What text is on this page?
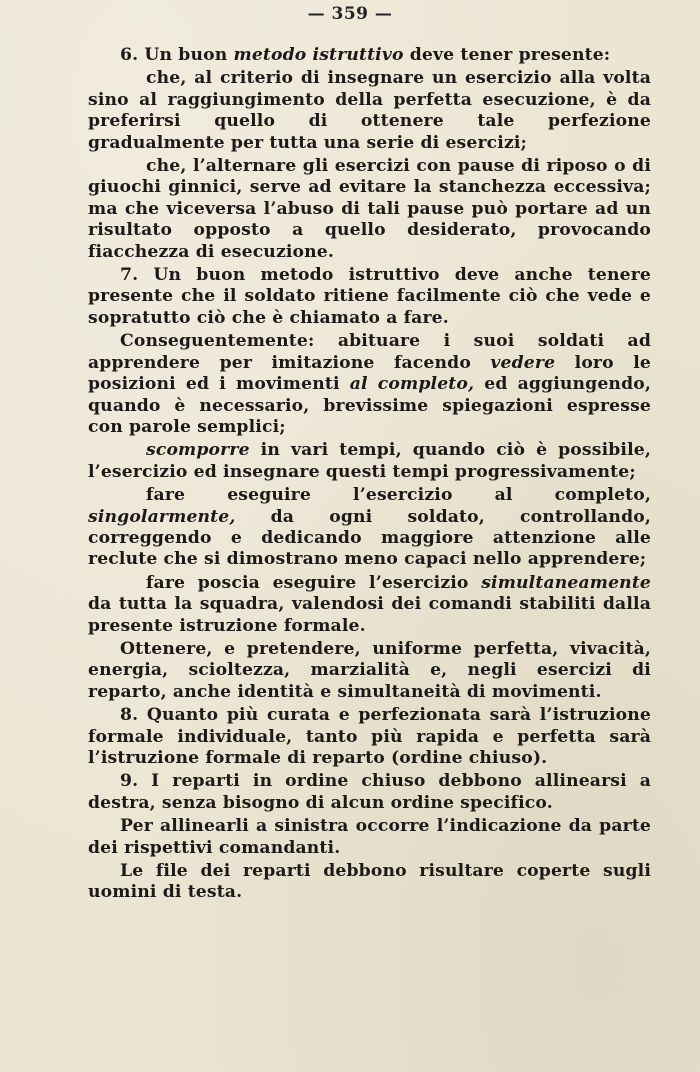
— 359 —

6. Un buon metodo istruttivo deve tener presente:

che, al criterio di insegnare un esercizio alla volta sino al raggiungimento della perfetta esecuzione, è da preferirsi quello di ottenere tale perfezione gradualmente per tutta una serie di esercizi;

che, l’alternare gli esercizi con pause di riposo o di giuochi ginnici, serve ad evitare la stanchezza eccessiva; ma che viceversa l’abuso di tali pause può portare ad un risultato opposto a quello desiderato, provocando fiacchezza di esecuzione.

7. Un buon metodo istruttivo deve anche tenere presente che il soldato ritiene facilmente ciò che vede e sopratutto ciò che è chiamato a fare.

Conseguentemente: abituare i suoi soldati ad apprendere per imitazione facendo vedere loro le posizioni ed i movimenti al completo, ed aggiungendo, quando è necessario, brevissime spiegazioni espresse con parole semplici;

scomporre in vari tempi, quando ciò è possibile, l’esercizio ed insegnare questi tempi progressivamente;

fare eseguire l’esercizio al completo, singolarmente, da ogni soldato, controllando, correggendo e dedicando maggiore attenzione alle reclute che si dimostrano meno capaci nello apprendere;

fare poscia eseguire l’esercizio simultaneamente da tutta la squadra, valendosi dei comandi stabiliti dalla presente istruzione formale.

Ottenere, e pretendere, uniforme perfetta, vivacità, energia, scioltezza, marzialità e, negli esercizi di reparto, anche identità e simultaneità di movimenti.

8. Quanto più curata e perfezionata sarà l’istruzione formale individuale, tanto più rapida e perfetta sarà l’istruzione formale di reparto (ordine chiuso).

9. I reparti in ordine chiuso debbono allinearsi a destra, senza bisogno di alcun ordine specifico.

Per allinearli a sinistra occorre l’indicazione da parte dei rispettivi comandanti.

Le file dei reparti debbono risultare coperte sugli uomini di testa.
